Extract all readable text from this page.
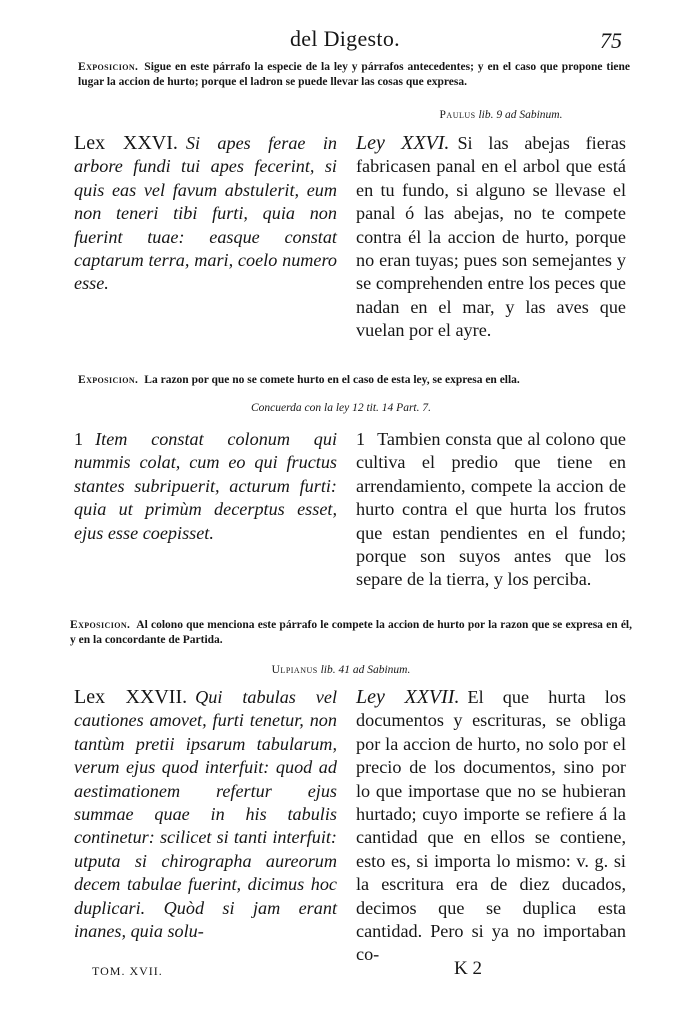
del Digesto.	75
Exposicion. Sigue en este párrafo la especie de la ley y párrafos antecedentes; y en el caso que propone tiene lugar la accion de hurto; porque el ladron se puede llevar las cosas que expresa.
Paulus lib. 9 ad Sabinum.
Lex XXVI. Si apes ferae in arbore fundi tui apes fecerint, si quis eas vel favum abstulerit, eum non teneri tibi furti, quia non fuerint tuae: easque constat captarum terra, mari, coelo numero esse.
Ley XXVI. Si las abejas fieras fabricasen panal en el arbol que está en tu fundo, si alguno se llevase el panal ó las abejas, no te compete contra él la accion de hurto, porque no eran tuyas; pues son semejantes y se comprehenden entre los peces que nadan en el mar, y las aves que vuelan por el ayre.
Exposicion. La razon por que no se comete hurto en el caso de esta ley, se expresa en ella.
Concuerda con la ley 12 tit. 14 Part. 7.
1 Item constat colonum qui nummis colat, cum eo qui fructus stantes subripuerit, acturum furti: quia ut primùm decerptus esset, ejus esse coepisset.
1 Tambien consta que al colono que cultiva el predio que tiene en arrendamiento, compete la accion de hurto contra el que hurta los frutos que estan pendientes en el fundo; porque son suyos antes que los separe de la tierra, y los perciba.
Exposicion. Al colono que menciona este párrafo le compete la accion de hurto por la razon que se expresa en él, y en la concordante de Partida.
Ulpianus lib. 41 ad Sabinum.
Lex XXVII. Qui tabulas vel cautiones amovet, furti tenetur, non tantùm pretii ipsarum tabularum, verum ejus quod interfuit: quod ad aestimationem refertur ejus summae quae in his tabulis continetur: scilicet si tanti interfuit: utputa si chirographa aureorum decem tabulae fuerint, dicimus hoc duplicari. Quòd si jam erant inanes, quia solu-
Ley XXVII. El que hurta los documentos y escrituras, se obliga por la accion de hurto, no solo por el precio de los documentos, sino por lo que importase que no se hubieran hurtado; cuyo importe se refiere á la cantidad que en ellos se contiene, esto es, si importa lo mismo: v. g. si la escritura era de diez ducados, decimos que se duplica esta cantidad. Pero si ya no importaban co-
TOM. XVII.	K 2
